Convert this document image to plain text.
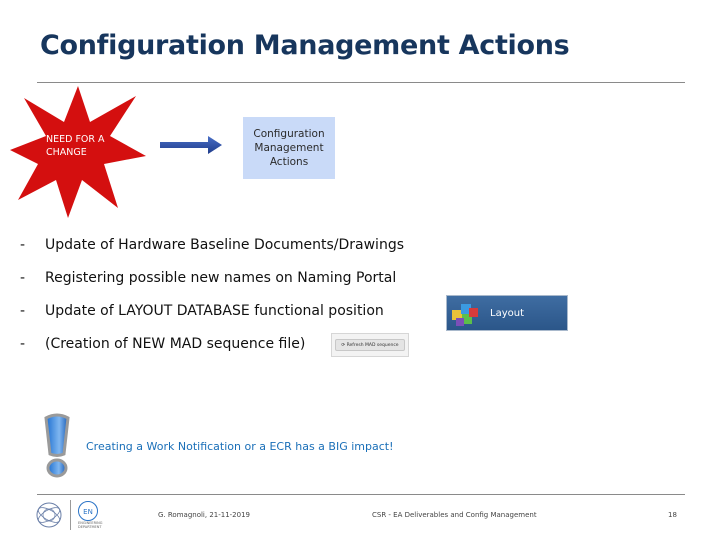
Configuration Management Actions
NEED FOR A CHANGE
Configuration Management Actions
- Update of Hardware Baseline Documents/Drawings
- Registering possible new names on Naming Portal
- Update of LAYOUT DATABASE functional position
- (Creation of NEW MAD sequence file)
Layout
⟳ Refresh MAD sequence
Creating a Work Notification or a ECR has a BIG impact!
EN
ENGINEERING DEPARTMENT
G. Romagnoli, 21-11-2019	CSR - EA Deliverables and Config Management	18
